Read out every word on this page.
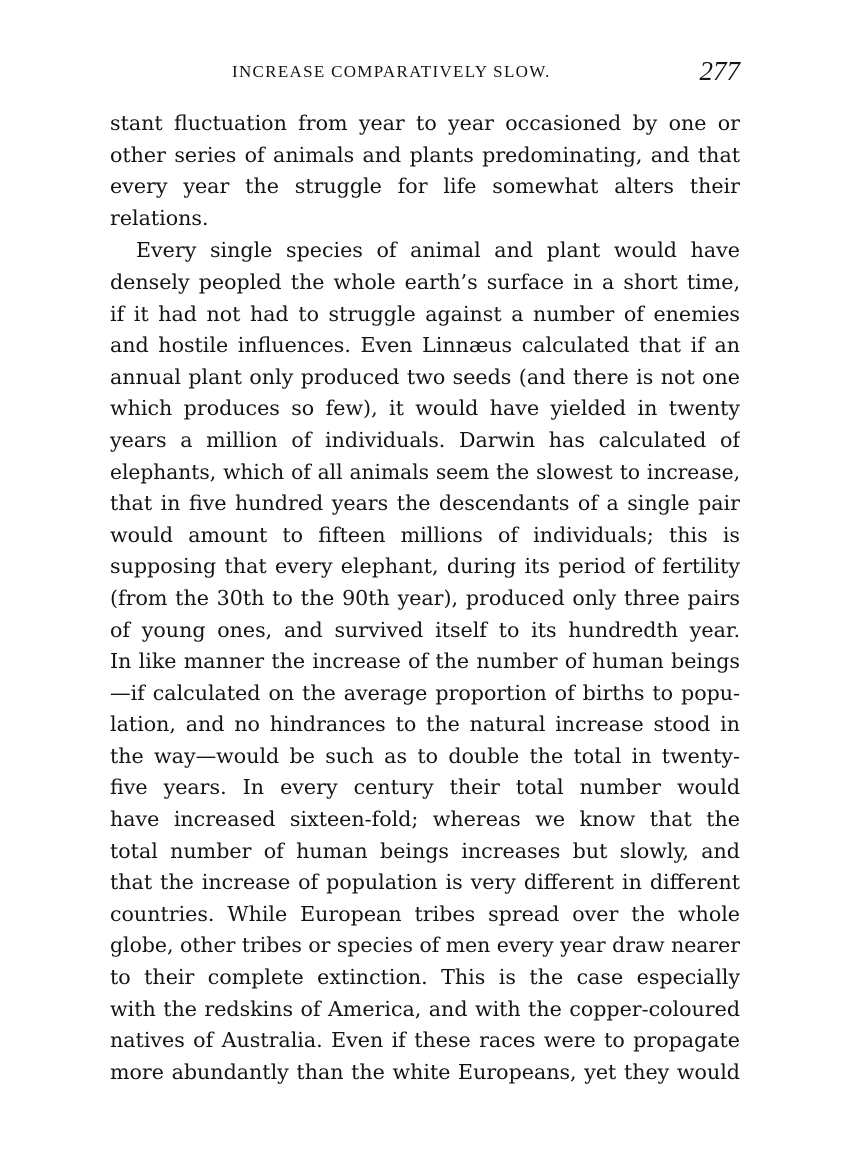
INCREASE COMPARATIVELY SLOW.	277
stant fluctuation from year to year occasioned by one or
other series of animals and plants predominating, and that
every year the struggle for life somewhat alters their
relations.
Every single species of animal and plant would have
densely peopled the whole earth’s surface in a short time,
if it had not had to struggle against a number of enemies
and hostile influences. Even Linnæus calculated that if an
annual plant only produced two seeds (and there is not one
which produces so few), it would have yielded in twenty
years a million of individuals. Darwin has calculated of
elephants, which of all animals seem the slowest to increase,
that in five hundred years the descendants of a single pair
would amount to fifteen millions of individuals; this is
supposing that every elephant, during its period of fertility
(from the 30th to the 90th year), produced only three pairs
of young ones, and survived itself to its hundredth year.
In like manner the increase of the number of human beings
—if calculated on the average proportion of births to popu-
lation, and no hindrances to the natural increase stood in
the way—would be such as to double the total in twenty-
five years. In every century their total number would
have increased sixteen-fold; whereas we know that the
total number of human beings increases but slowly, and
that the increase of population is very different in different
countries. While European tribes spread over the whole
globe, other tribes or species of men every year draw nearer
to their complete extinction. This is the case especially
with the redskins of America, and with the copper-coloured
natives of Australia. Even if these races were to propagate
more abundantly than the white Europeans, yet they would
